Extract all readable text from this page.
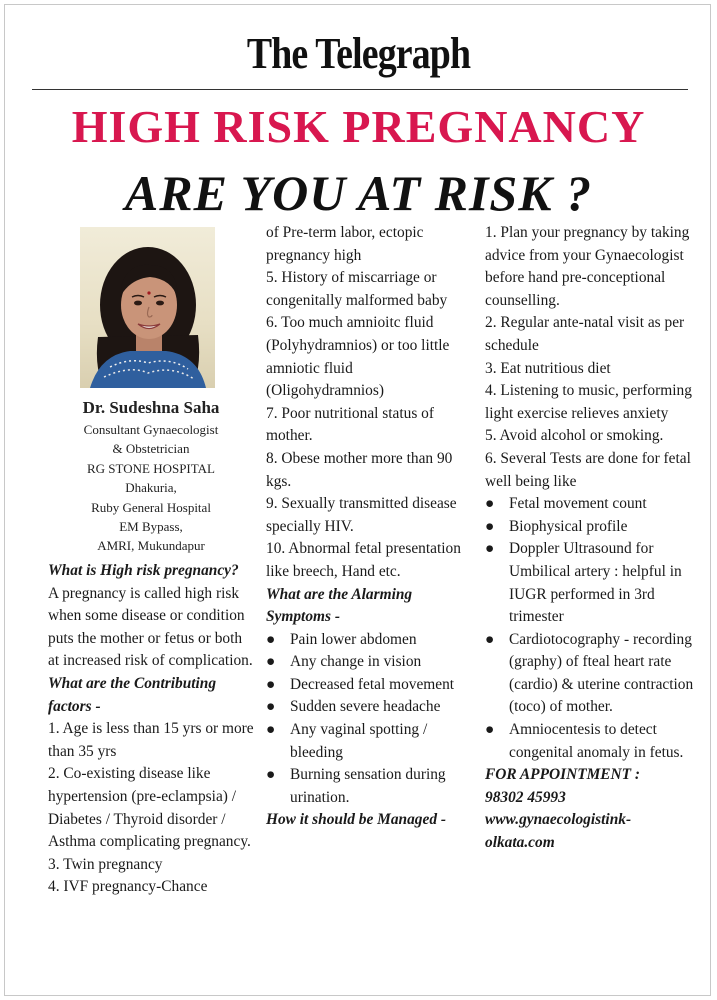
The Telegraph
HIGH RISK PREGNANCY
ARE YOU AT RISK ?
Dr. Sudeshna Saha
Consultant Gynaecologist
& Obstetrician
RG STONE HOSPITAL
Dhakuria,
Ruby General Hospital
EM Bypass,
AMRI, Mukundapur
What is High risk pregnancy?
A pregnancy is called high risk when some disease or condition puts the mother or fetus or both at increased risk of complication.
What are the Contributing factors -
1. Age is less than 15 yrs or more than 35 yrs
2. Co-existing disease like hypertension (pre-eclampsia) / Diabetes / Thyroid disorder / Asthma complicating pregnancy.
3. Twin pregnancy
4. IVF pregnancy-Chance
of Pre-term labor, ectopic pregnancy high
5. History of miscarriage or congenitally malformed baby
6. Too much amnioitc fluid (Polyhydramnios) or too little amniotic fluid (Oligohydramnios)
7. Poor nutritional status of mother.
8. Obese mother more than 90 kgs.
9. Sexually transmitted disease specially HIV.
10. Abnormal fetal presentation like breech, Hand etc.
What are the Alarming Symptoms -
● Pain lower abdomen
● Any change in vision
● Decreased fetal movement
● Sudden severe headache
● Any vaginal spotting / bleeding
● Burning sensation during urination.
How it should be Managed -
1. Plan your pregnancy by taking advice from your Gynaecologist before hand pre-conceptional counselling.
2. Regular ante-natal visit as per schedule
3. Eat nutritious diet
4. Listening to music, performing light exercise relieves anxiety
5. Avoid alcohol or smoking.
6. Several Tests are done for fetal well being like
● Fetal movement count
● Biophysical profile
● Doppler Ultrasound for Umbilical artery : helpful in IUGR performed in 3rd trimester
● Cardiotocography - recording (graphy) of fteal heart rate (cardio) & uterine contraction (toco) of mother.
● Amniocentesis to detect congenital anomaly in fetus.
FOR APPOINTMENT :
98302 45993
www.gynaecologistink-olkata.com
